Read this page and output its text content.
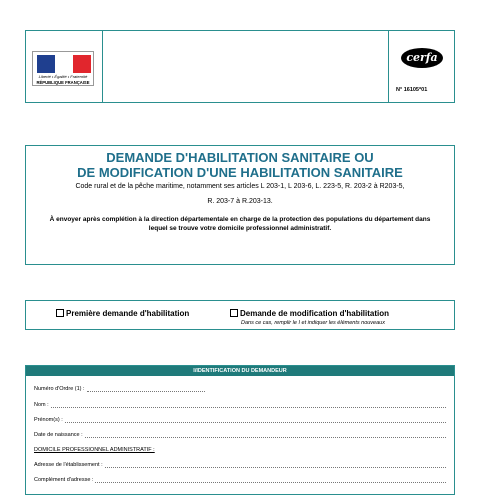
Liberté • Égalité • Fraternité
RÉPUBLIQUE FRANÇAISE
cerfa
N° 16105*01
DEMANDE D'HABILITATION SANITAIRE OU
DE MODIFICATION D'UNE HABILITATION SANITAIRE
Code rural et de la pêche maritime, notamment ses articles L 203-1, L 203-6, L. 223-5, R. 203-2 à R203-5,
R. 203-7 à R.203-13.
À envoyer après complétion à la direction départementale en charge de la protection des populations du département dans lequel se trouve votre domicile professionnel administratif.
Première demande d'habilitation	Demande de modification d'habilitation
Dans ce cas, remplir le I et indiquer les éléments nouveaux
I/IDENTIFICATION DU DEMANDEUR
Numéro d'Ordre (1) :
Nom :
Prénom(s) :
Date de naissance :
DOMICILE PROFESSIONNEL ADMINISTRATIF :
Adresse de l'établissement :
Complément d'adresse :
